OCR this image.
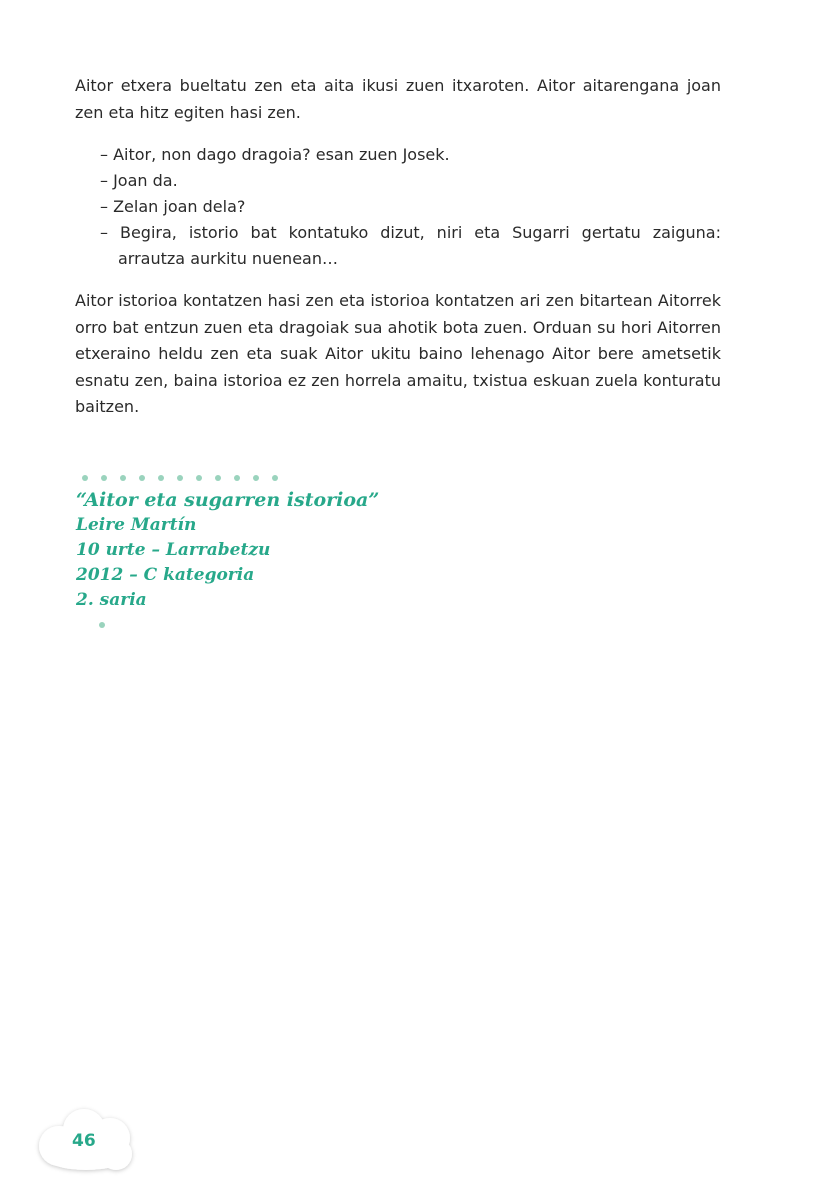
Aitor etxera bueltatu zen eta aita ikusi zuen itxaroten. Aitor aitarengana joan zen eta hitz egiten hasi zen.

– Aitor, non dago dragoia? esan zuen Josek.
– Joan da.
– Zelan joan dela?
– Begira, istorio bat kontatuko dizut, niri eta Sugarri gertatu zaiguna: arrautza aurkitu nuenean…

Aitor istorioa kontatzen hasi zen eta istorioa kontatzen ari zen bitartean Aitorrek orro bat entzun zuen eta dragoiak sua ahotik bota zuen. Orduan su hori Aitorren etxeraino heldu zen eta suak Aitor ukitu baino lehenago Aitor bere ametsetik esnatu zen, baina istorioa ez zen horrela amaitu, txistua eskuan zuela konturatu baitzen.

“Aitor eta sugarren istorioa”

Leire Martín

10 urte – Larrabetzu

2012 – C kategoria

2. saria

46
